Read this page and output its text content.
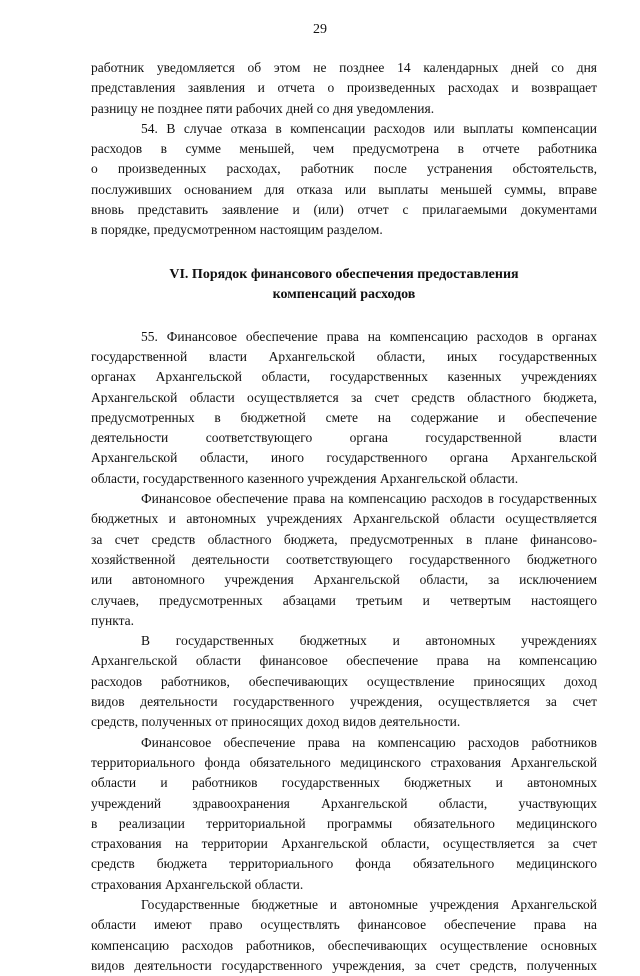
29
работник уведомляется об этом не позднее 14 календарных дней со дня
представления заявления и отчета о произведенных расходах и возвращает
разницу не позднее пяти рабочих дней со дня уведомления.
54. В случае отказа в компенсации расходов или выплаты компенсации
расходов в сумме меньшей, чем предусмотрена в отчете работника
о произведенных расходах, работник после устранения обстоятельств,
послуживших основанием для отказа или выплаты меньшей суммы, вправе
вновь представить заявление и (или) отчет с прилагаемыми документами
в порядке, предусмотренном настоящим разделом.
VI. Порядок финансового обеспечения предоставления
компенсаций расходов
55. Финансовое обеспечение права на компенсацию расходов в органах
государственной власти Архангельской области, иных государственных
органах Архангельской области, государственных казенных учреждениях
Архангельской области осуществляется за счет средств областного бюджета,
предусмотренных в бюджетной смете на содержание и обеспечение
деятельности соответствующего органа государственной власти
Архангельской области, иного государственного органа Архангельской
области, государственного казенного учреждения Архангельской области.
Финансовое обеспечение права на компенсацию расходов в государственных
бюджетных и автономных учреждениях Архангельской области осуществляется
за счет средств областного бюджета, предусмотренных в плане финансово-
хозяйственной деятельности соответствующего государственного бюджетного
или автономного учреждения Архангельской области, за исключением
случаев, предусмотренных абзацами третьим и четвертым настоящего
пункта.
В государственных бюджетных и автономных учреждениях
Архангельской области финансовое обеспечение права на компенсацию
расходов работников, обеспечивающих осуществление приносящих доход
видов деятельности государственного учреждения, осуществляется за счет
средств, полученных от приносящих доход видов деятельности.
Финансовое обеспечение права на компенсацию расходов работников
территориального фонда обязательного медицинского страхования Архангельской
области и работников государственных бюджетных и автономных
учреждений здравоохранения Архангельской области, участвующих
в реализации территориальной программы обязательного медицинского
страхования на территории Архангельской области, осуществляется за счет
средств бюджета территориального фонда обязательного медицинского
страхования Архангельской области.
Государственные бюджетные и автономные учреждения Архангельской
области имеют право осуществлять финансовое обеспечение права на
компенсацию расходов работников, обеспечивающих осуществление основных
видов деятельности государственного учреждения, за счет средств, полученных
